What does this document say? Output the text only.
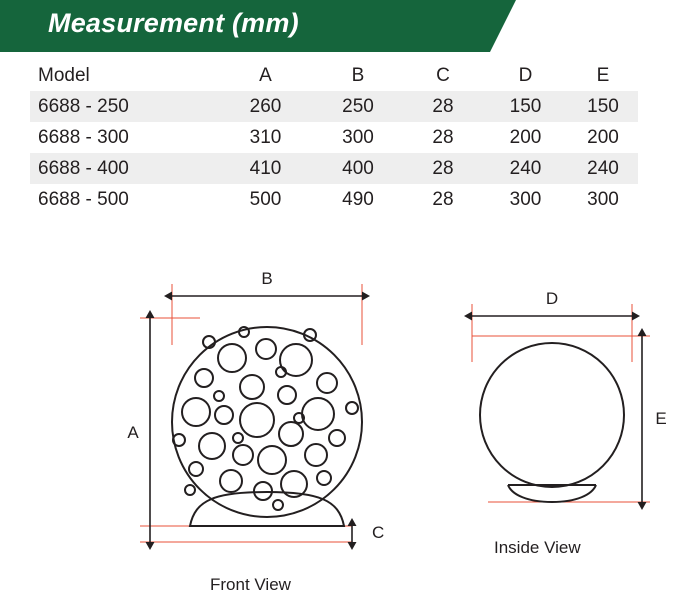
Measurement (mm)
Model	A	B	C	D	E
6688 - 250	260	250	28	150	150
6688 - 300	310	300	28	200	200
6688 - 400	410	400	28	240	240
6688 - 500	500	490	28	300	300
B
A
C
D
E
Front View
Inside View
